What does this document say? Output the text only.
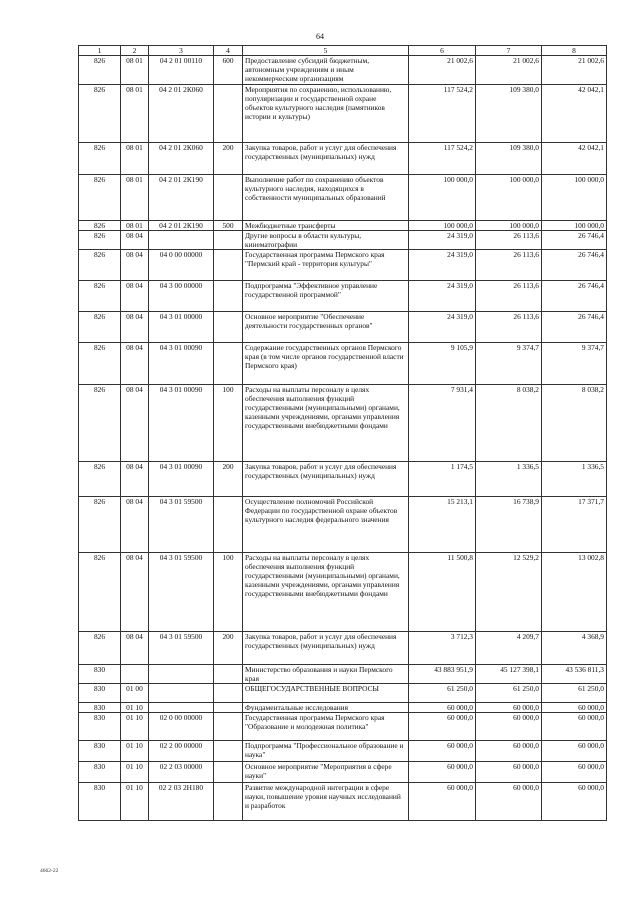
64
1	2	3	4	5	6	7	8
826	08 01	04 2 01 00110	600	Предоставление субсидий бюджетным, автономным учреждениям и иным некоммерческим организациям	21 002,6	21 002,6	21 002,6
826	08 01	04 2 01 2К060		Мероприятия по сохранению, использованию, популяризации и государственной охране объектов культурного наследия (памятников истории и культуры)	117 524,2	109 380,0	42 042,1
826	08 01	04 2 01 2К060	200	Закупка товаров, работ и услуг для обеспечения государственных (муниципальных) нужд	117 524,2	109 380,0	42 042,1
826	08 01	04 2 01 2К190		Выполнение работ по сохранению объектов культурного наследия, находящихся в собственности муниципальных образований	100 000,0	100 000,0	100 000,0
826	08 01	04 2 01 2К190	500	Межбюджетные трансферты	100 000,0	100 000,0	100 000,0
826	08 04			Другие вопросы в области культуры, кинематографии	24 319,0	26 113,6	26 746,4
826	08 04	04 0 00 00000		Государственная программа Пермского края "Пермский край - территория культуры"	24 319,0	26 113,6	26 746,4
826	08 04	04 3 00 00000		Подпрограмма "Эффективное управление государственной программой"	24 319,0	26 113,6	26 746,4
826	08 04	04 3 01 00000		Основное мероприятие "Обеспечение деятельности государственных органов"	24 319,0	26 113,6	26 746,4
826	08 04	04 3 01 00090		Содержание государственных органов Пермского края (в том числе органов государственной власти Пермского края)	9 105,9	9 374,7	9 374,7
826	08 04	04 3 01 00090	100	Расходы на выплаты персоналу в целях обеспечения выполнения функций государственными (муниципальными) органами, казенными учреждениями, органами управления государственными внебюджетными фондами	7 931,4	8 038,2	8 038,2
826	08 04	04 3 01 00090	200	Закупка товаров, работ и услуг для обеспечения государственных (муниципальных) нужд	1 174,5	1 336,5	1 336,5
826	08 04	04 3 01 59500		Осуществление полномочий Российской Федерации по государственной охране объектов культурного наследия федерального значения	15 213,1	16 738,9	17 371,7
826	08 04	04 3 01 59500	100	Расходы на выплаты персоналу в целях обеспечения выполнения функций государственными (муниципальными) органами, казенными учреждениями, органами управления государственными внебюджетными фондами	11 500,8	12 529,2	13 002,8
826	08 04	04 3 01 59500	200	Закупка товаров, работ и услуг для обеспечения государственных (муниципальных) нужд	3 712,3	4 209,7	4 368,9
830				Министерство образования и науки Пермского края	43 883 951,9	45 127 398,1	43 536 811,3
830	01 00			ОБЩЕГОСУДАРСТВЕННЫЕ ВОПРОСЫ	61 250,0	61 250,0	61 250,0
830	01 10			Фундаментальные исследования	60 000,0	60 000,0	60 000,0
830	01 10	02 0 00 00000		Государственная программа Пермского края "Образование и молодежная политика"	60 000,0	60 000,0	60 000,0
830	01 10	02 2 00 00000		Подпрограмма "Профессиональное образование и наука"	60 000,0	60 000,0	60 000,0
830	01 10	02 2 03 00000		Основное мероприятие "Мероприятия в сфере науки"	60 000,0	60 000,0	60 000,0
830	01 10	02 2 03 2Н180		Развитие международной интеграции в сфере науки, повышение уровня научных исследований и разработок	60 000,0	60 000,0	60 000,0
4662-22
